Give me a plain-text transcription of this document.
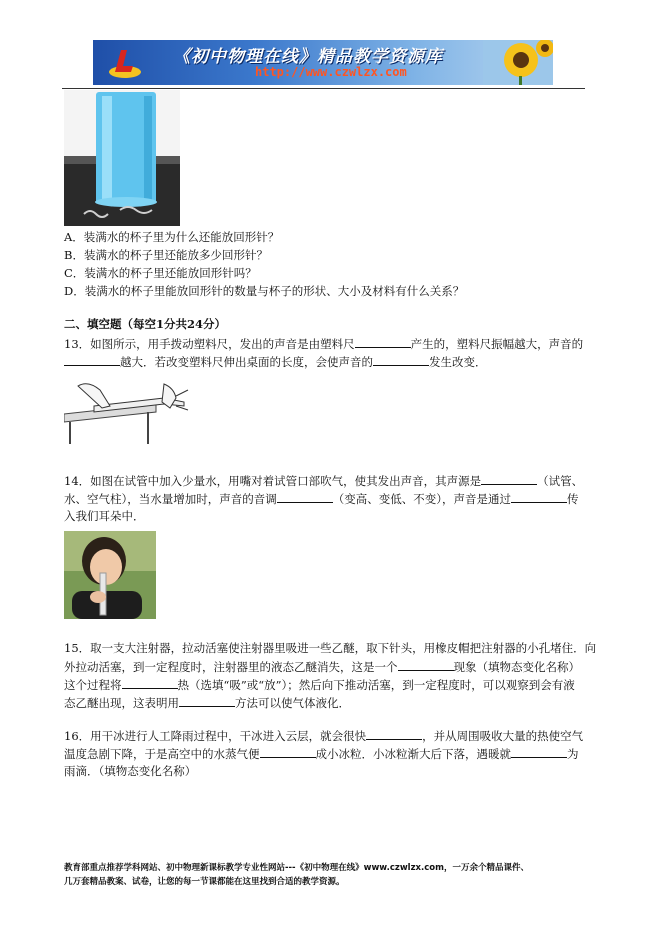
《初中物理在线》精品教学资源库
http://www.czwlzx.com
A．装满水的杯子里为什么还能放回形针？
B．装满水的杯子里还能放多少回形针？
C．装满水的杯子里还能放回形针吗？
D．装满水的杯子里能放回形针的数量与杯子的形状、大小及材料有什么关系？
二、填空题（每空1分共24分）
13．如图所示，用手拨动塑料尺，发出的声音是由塑料尺	产生的，塑料尺振幅越大，声音的
越大．若改变塑料尺伸出桌面的长度，会使声音的	发生改变．
14．如图在试管中加入少量水，用嘴对着试管口部吹气，使其发出声音，其声源是	（试管、
水、空气柱），当水量增加时，声音的音调	（变高、变低、不变），声音是通过	传
入我们耳朵中．
15．取一支大注射器，拉动活塞使注射器里吸进一些乙醚，取下针头，用橡皮帽把注射器的小孔堵住．向
外拉动活塞，到一定程度时，注射器里的液态乙醚消失，这是一个	现象（填物态变化名称）
这个过程将	热（选填“吸”或“放”）；然后向下推动活塞，到一定程度时，可以观察到会有液
态乙醚出现，这表明用	方法可以使气体液化．
16．用干冰进行人工降雨过程中，干冰进入云层，就会很快	，并从周围吸收大量的热使空气
温度急剧下降，于是高空中的水蒸气便	成小冰粒．小冰粒渐大后下落，遇暖就	为
雨滴．（填物态变化名称）
教育部重点推荐学科网站、初中物理新课标教学专业性网站---《初中物理在线》www.czwlzx.com，一万余个精品课件、
几万套精品教案、试卷，让您的每一节课都能在这里找到合适的教学资源。
